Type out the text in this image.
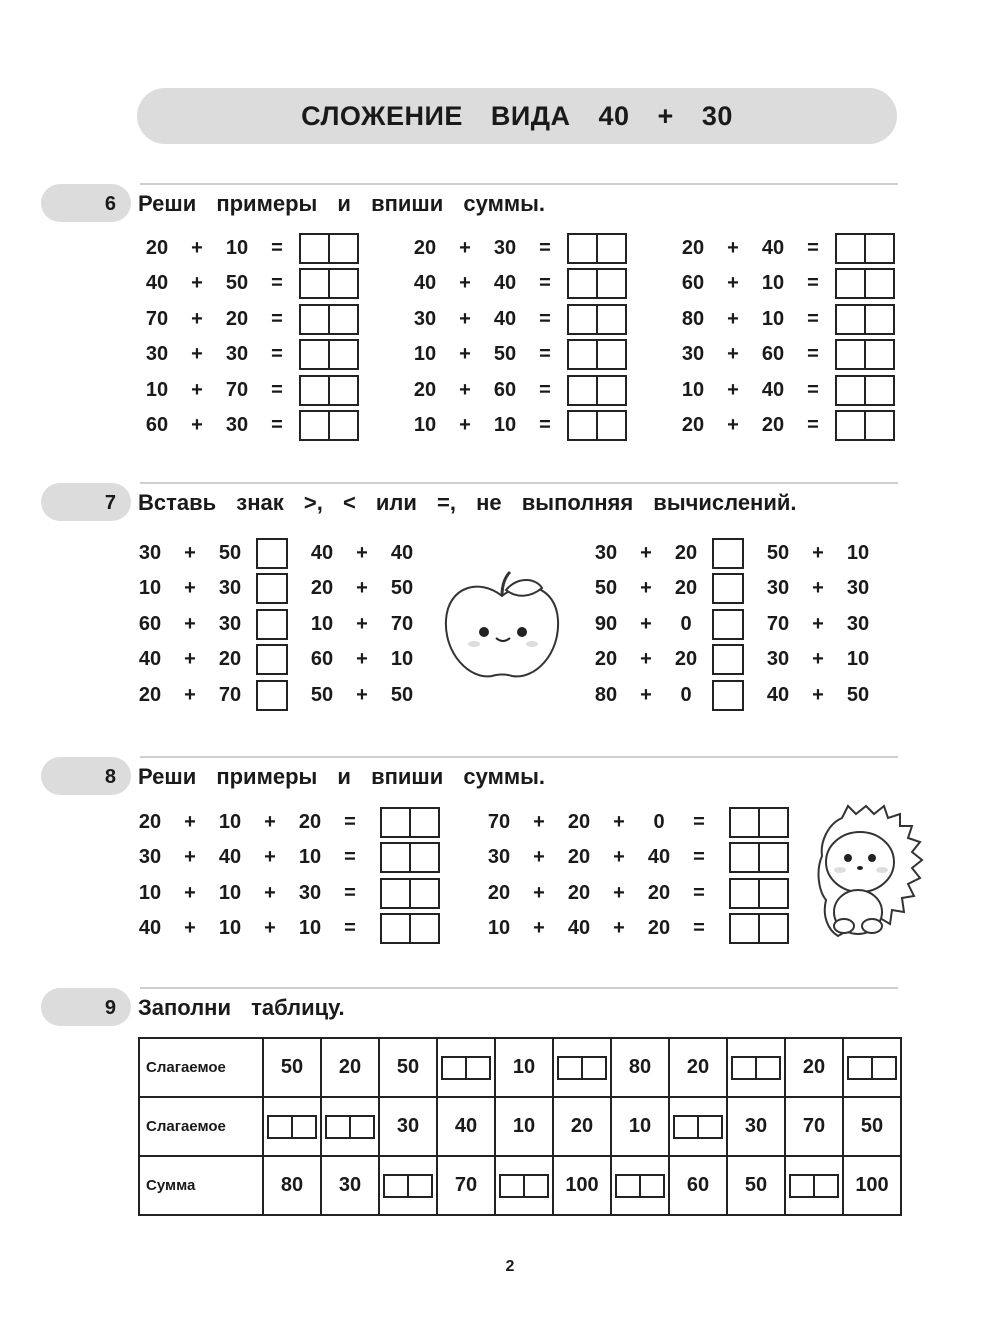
СЛОЖЕНИЕ ВИДА 40 + 30
6 Реши примеры и впиши суммы.
20	+	10	=
40	+	50	=
70	+	20	=
30	+	30	=
10	+	70	=
60	+	30	=
20	+	30	=
40	+	40	=
30	+	40	=
10	+	50	=
20	+	60	=
10	+	10	=
20	+	40	=
60	+	10	=
80	+	10	=
30	+	60	=
10	+	40	=
20	+	20	=
7 Вставь знак >, < или =, не выполняя вычислений.
30	+	50	40	+	40
10	+	30	20	+	50
60	+	30	10	+	70
40	+	20	60	+	10
20	+	70	50	+	50
30	+	20	50	+	10
50	+	20	30	+	30
90	+	0	70	+	30
20	+	20	30	+	10
80	+	0	40	+	50
8 Реши примеры и впиши суммы.
20	+	10	+	20	=
30	+	40	+	10	=
10	+	10	+	30	=
40	+	10	+	10	=
70	+	20	+	0	=
30	+	20	+	40	=
20	+	20	+	20	=
10	+	40	+	20	=
9 Заполни таблицу.
Слагаемое	50	20	50		10		80	20		20	

Слагаемое			30	40	10	20	10		30	70	50
Сумма	80	30		70		100		60	50		100
2
